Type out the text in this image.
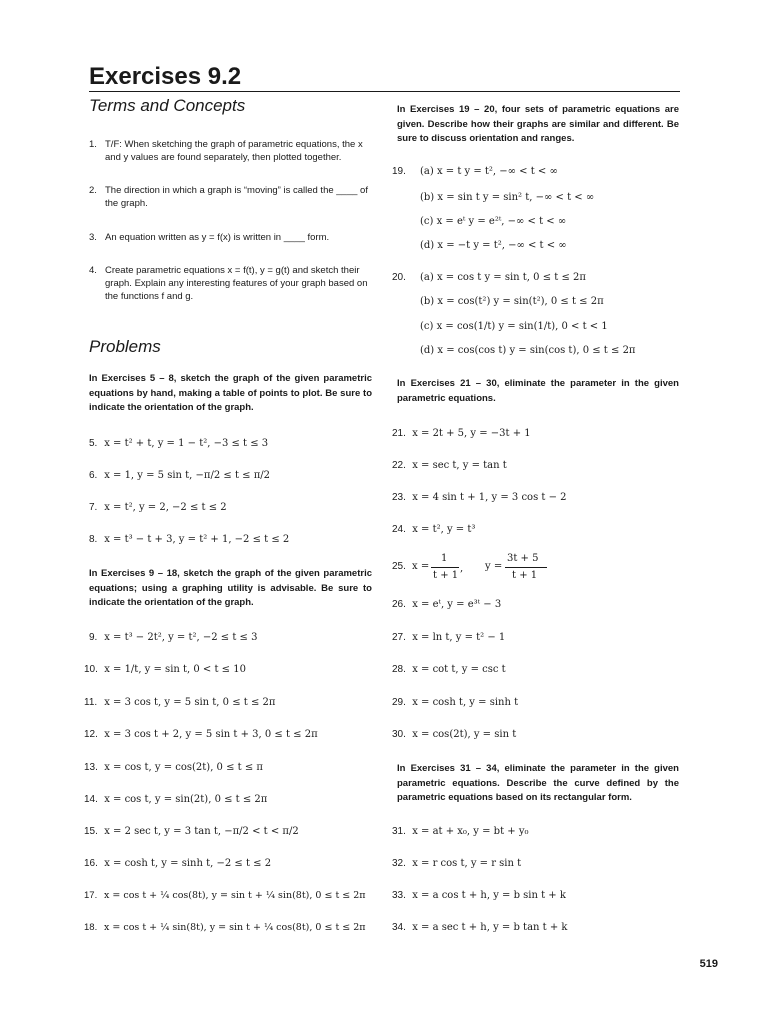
Exercises 9.2
Terms and Concepts
1. T/F: When sketching the graph of parametric equations, the x and y values are found separately, then plotted together.
2. The direction in which a graph is “moving” is called the ____ of the graph.
3. An equation written as y = f(x) is written in ____ form.
4. Create parametric equations x = f(t), y = g(t) and sketch their graph. Explain any interesting features of your graph based on the functions f and g.
Problems
In Exercises 5 – 8, sketch the graph of the given parametric equations by hand, making a table of points to plot. Be sure to indicate the orientation of the graph.
5. x = t² + t, y = 1 − t², −3 ≤ t ≤ 3
6. x = 1, y = 5 sin t, −π/2 ≤ t ≤ π/2
7. x = t², y = 2, −2 ≤ t ≤ 2
8. x = t³ − t + 3, y = t² + 1, −2 ≤ t ≤ 2
In Exercises 9 – 18, sketch the graph of the given parametric equations; using a graphing utility is advisable. Be sure to indicate the orientation of the graph.
9. x = t³ − 2t², y = t², −2 ≤ t ≤ 3
10. x = 1/t, y = sin t, 0 < t ≤ 10
11. x = 3 cos t, y = 5 sin t, 0 ≤ t ≤ 2π
12. x = 3 cos t + 2, y = 5 sin t + 3, 0 ≤ t ≤ 2π
13. x = cos t, y = cos(2t), 0 ≤ t ≤ π
14. x = cos t, y = sin(2t), 0 ≤ t ≤ 2π
15. x = 2 sec t, y = 3 tan t, −π/2 < t < π/2
16. x = cosh t, y = sinh t, −2 ≤ t ≤ 2
17. x = cos t + ¼ cos(8t), y = sin t + ¼ sin(8t), 0 ≤ t ≤ 2π
18. x = cos t + ¼ sin(8t), y = sin t + ¼ cos(8t), 0 ≤ t ≤ 2π
In Exercises 19 – 20, four sets of parametric equations are given. Describe how their graphs are similar and different. Be sure to discuss orientation and ranges.
19. (a) x = t y = t², −∞ < t < ∞
(b) x = sin t y = sin² t, −∞ < t < ∞
(c) x = eᵗ y = e²ᵗ, −∞ < t < ∞
(d) x = −t y = t², −∞ < t < ∞
20. (a) x = cos t y = sin t, 0 ≤ t ≤ 2π
(b) x = cos(t²) y = sin(t²), 0 ≤ t ≤ 2π
(c) x = cos(1/t) y = sin(1/t), 0 < t < 1
(d) x = cos(cos t) y = sin(cos t), 0 ≤ t ≤ 2π
In Exercises 21 – 30, eliminate the parameter in the given parametric equations.
21. x = 2t + 5, y = −3t + 1
22. x = sec t, y = tan t
23. x = 4 sin t + 1, y = 3 cos t − 2
24. x = t², y = t³
25. x =
1
t + 1
, y =
3t + 5
t + 1
26. x = eᵗ, y = e³ᵗ − 3
27. x = ln t, y = t² − 1
28. x = cot t, y = csc t
29. x = cosh t, y = sinh t
30. x = cos(2t), y = sin t
In Exercises 31 – 34, eliminate the parameter in the given parametric equations. Describe the curve defined by the parametric equations based on its rectangular form.
31. x = at + x₀, y = bt + y₀
32. x = r cos t, y = r sin t
33. x = a cos t + h, y = b sin t + k
34. x = a sec t + h, y = b tan t + k
519
